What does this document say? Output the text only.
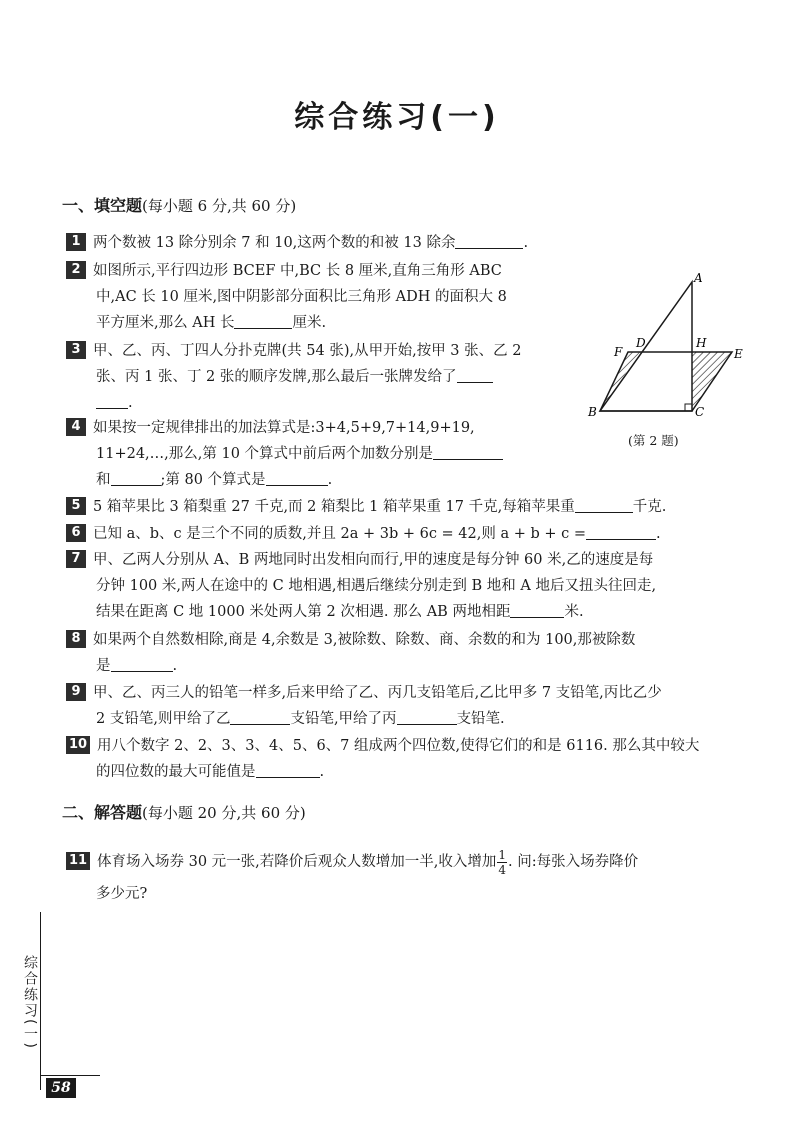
综合练习(一)
一、填空题(每小题 6 分,共 60 分)
1 两个数被 13 除分别余 7 和 10,这两个数的和被 13 除余	.
2 如图所示,平行四边形 BCEF 中,BC 长 8 厘米,直角三角形 ABC
中,AC 长 10 厘米,图中阴影部分面积比三角形 ADH 的面积大 8
平方厘米,那么 AH 长	厘米.
3 甲、乙、丙、丁四人分扑克牌(共 54 张),从甲开始,按甲 3 张、乙 2
张、丙 1 张、丁 2 张的顺序发牌,那么最后一张牌发给了
.
4 如果按一定规律排出的加法算式是:3+4,5+9,7+14,9+19,
11+24,…,那么,第 10 个算式中前后两个加数分别是
和	;第 80 个算式是	.
5 5 箱苹果比 3 箱梨重 27 千克,而 2 箱梨比 1 箱苹果重 17 千克,每箱苹果重	千克.
6 已知 a、b、c 是三个不同的质数,并且 2a + 3b + 6c = 42,则 a + b + c =	.
7 甲、乙两人分别从 A、B 两地同时出发相向而行,甲的速度是每分钟 60 米,乙的速度是每
分钟 100 米,两人在途中的 C 地相遇,相遇后继续分别走到 B 地和 A 地后又扭头往回走,
结果在距离 C 地 1000 米处两人第 2 次相遇. 那么 AB 两地相距	米.
8 如果两个自然数相除,商是 4,余数是 3,被除数、除数、商、余数的和为 100,那被除数
是	.
9 甲、乙、丙三人的铅笔一样多,后来甲给了乙、丙几支铅笔后,乙比甲多 7 支铅笔,丙比乙少
2 支铅笔,则甲给了乙	支铅笔,甲给了丙	支铅笔.
10 用八个数字 2、2、3、3、4、5、6、7 组成两个四位数,使得它们的和是 6116. 那么其中较大
的四位数的最大可能值是	.
二、解答题(每小题 20 分,共 60 分)
11 体育场入场券 30 元一张,若降价后观众人数增加一半,收入增加 $\frac{1}{4}$ . 问:每张入场券降价
多少元?
A
B	C
D
E
F
H
(第 2 题)
综合练习(一)
58
